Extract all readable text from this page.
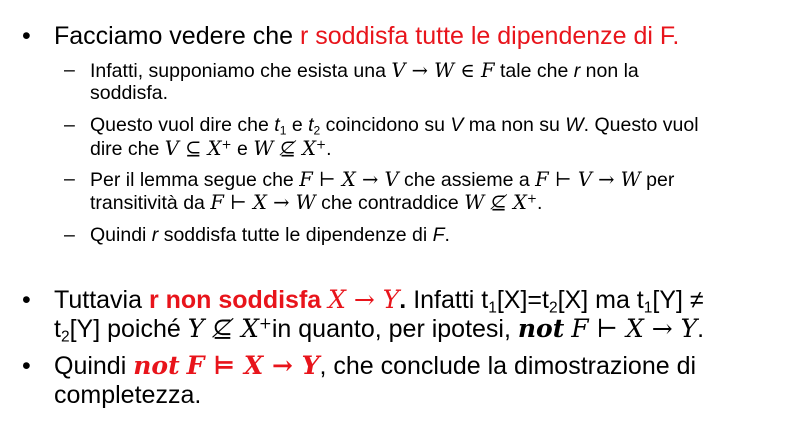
• Facciamo vedere che r soddisfa tutte le dipendenze di F.
– Infatti, supponiamo che esista una V → W ∈ F tale che r non la
soddisfa.
– Questo vuol dire che $t_1$ e $t_2$ coincidono su V ma non su W. Questo vuol
dire che V ⊆ X+ e W ⊈ X+.
– Per il lemma segue che F ⊢ X → V che assieme a F ⊢ V → W per
transitività da F ⊢ X → W che contraddice W ⊈ X+.
– Quindi r soddisfa tutte le dipendenze di F.
• Tuttavia r non soddisfa X → Y. Infatti $t_1[X]=t_2[X]$ ma $t_1[Y]$ ≠
$t_2[Y]$ poiché Y ⊈ X+in quanto, per ipotesi, not F ⊢ X → Y.
• Quindi not F ⊨ X → Y, che conclude la dimostrazione di
completezza.
